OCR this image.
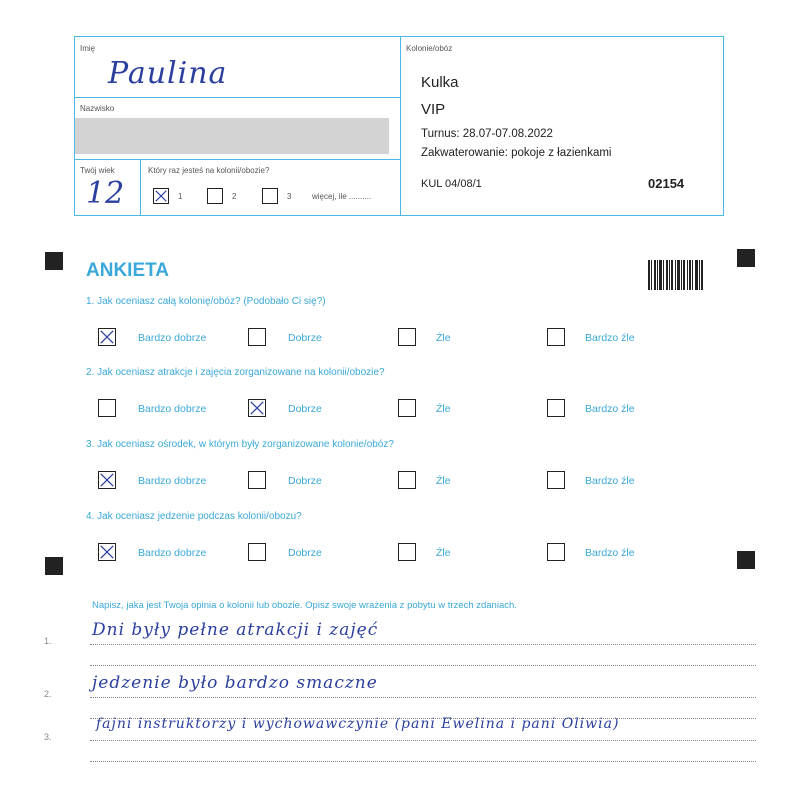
Imię
Paulina
Nazwisko
Twój wiek
12
Który raz jesteś na kolonii/obozie?
1	2	3	więcej, ile ..........
Kolonie/obóz
Kulka
VIP
Turnus: 28.07-07.08.2022
Zakwaterowanie: pokoje z łazienkami
KUL 04/08/1	02154
ANKIETA
1. Jak oceniasz całą kolonię/obóz? (Podobało Ci się?)
Bardzo dobrze	Dobrze	Źle	Bardzo źle
2. Jak oceniasz atrakcje i zajęcia zorganizowane na kolonii/obozie?
Bardzo dobrze	Dobrze	Źle	Bardzo źle
3. Jak oceniasz ośrodek, w którym były zorganizowane kolonie/obóz?
Bardzo dobrze	Dobrze	Źle	Bardzo źle
4. Jak oceniasz jedzenie podczas kolonii/obozu?
Bardzo dobrze	Dobrze	Źle	Bardzo źle
Napisz, jaka jest Twoja opinia o kolonii lub obozie. Opisz swoje wrażenia z pobytu w trzech zdaniach.
1.
Dni były pełne atrakcji i zajęć
2.
jedzenie było bardzo smaczne
3.
fajni instruktorzy i wychowawczynie (pani Ewelina i pani Oliwia)
